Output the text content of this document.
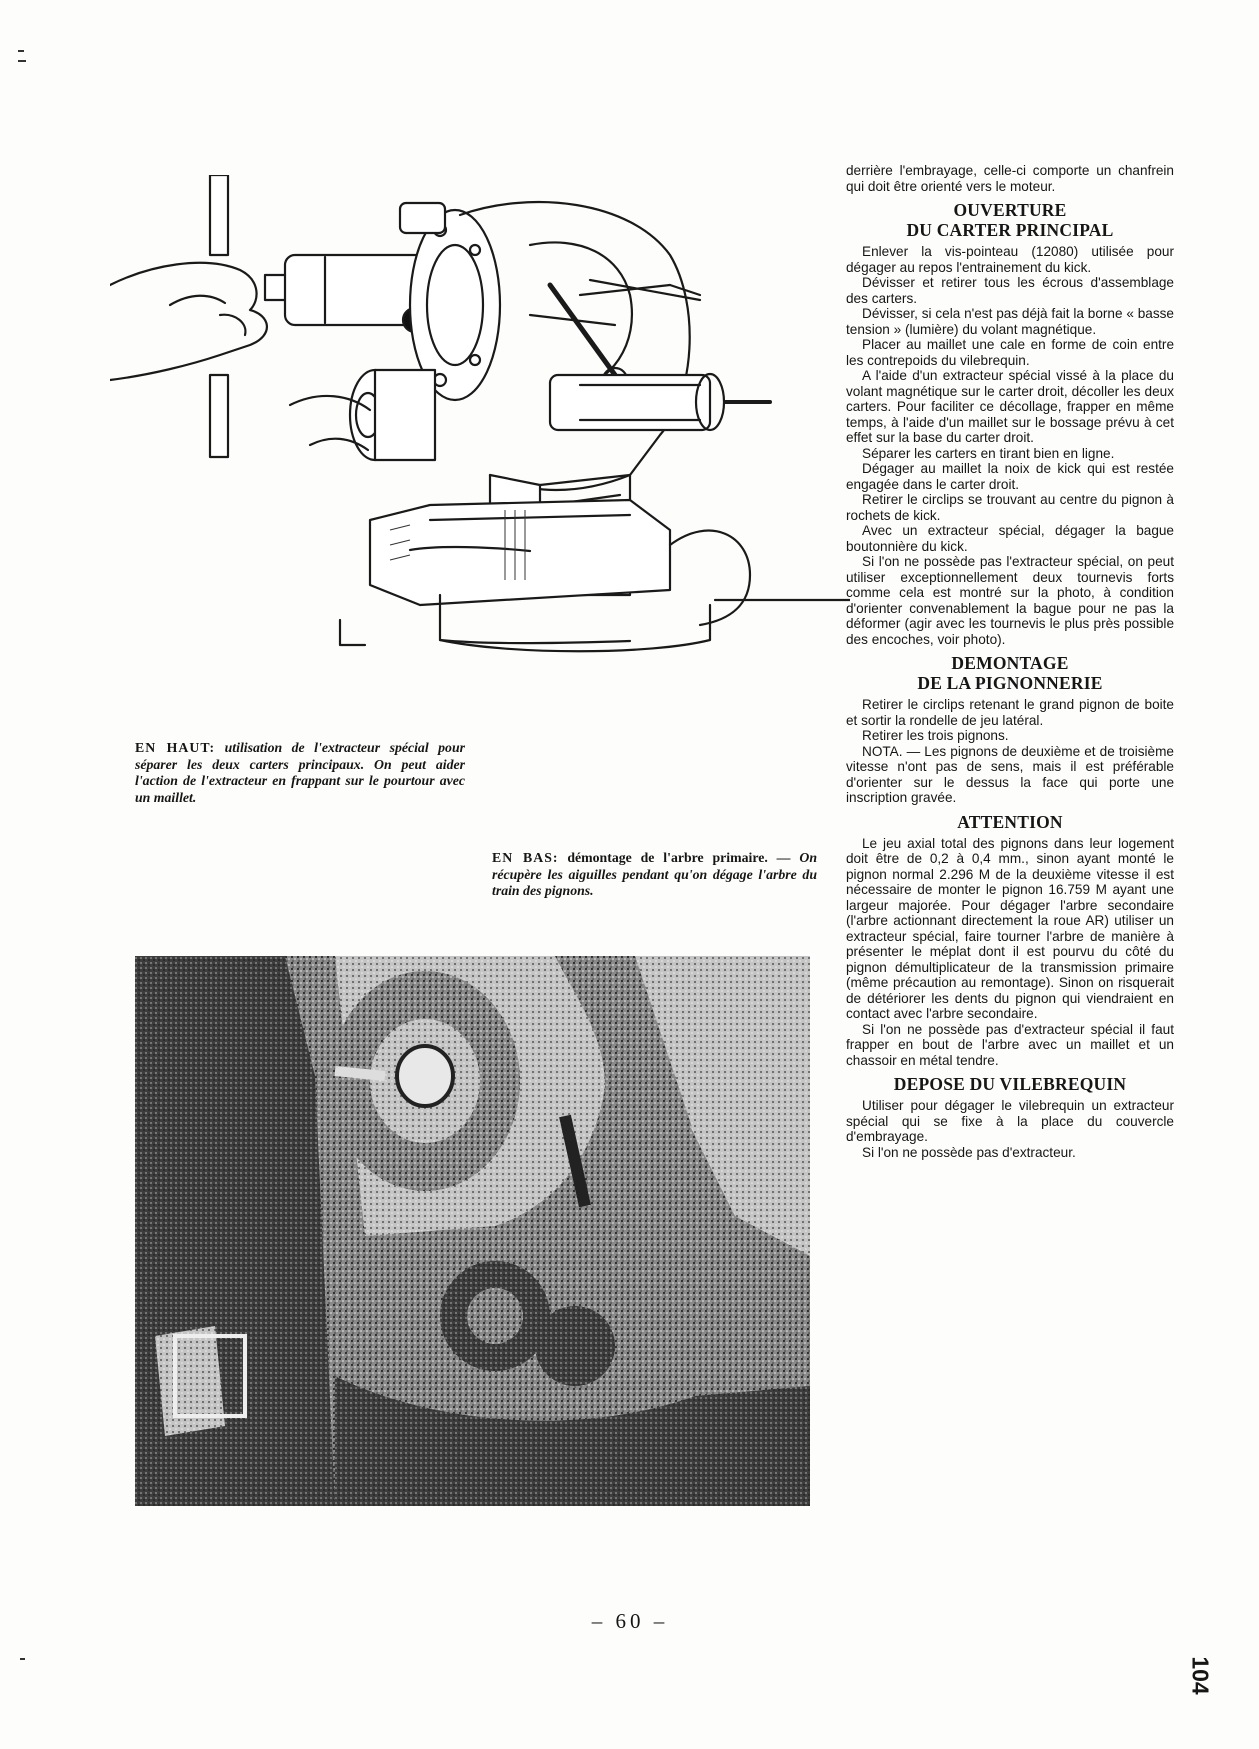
EN HAUT: utilisation de l'extracteur spécial pour séparer les deux carters principaux. On peut aider l'action de l'extracteur en frappant sur le pourtour avec un maillet.
EN BAS: démontage de l'arbre primaire. — On récupère les aiguilles pendant qu'on dégage l'arbre du train des pignons.

derrière l'embrayage, celle-ci comporte un chanfrein qui doit être orienté vers le moteur.

OUVERTURE
DU CARTER PRINCIPAL

Enlever la vis-pointeau (12080) utilisée pour dégager au repos l'entrainement du kick.

Dévisser et retirer tous les écrous d'assemblage des carters.

Dévisser, si cela n'est pas déjà fait la borne « basse tension » (lumière) du volant magnétique.

Placer au maillet une cale en forme de coin entre les contrepoids du vilebrequin.

A l'aide d'un extracteur spécial vissé à la place du volant magnétique sur le carter droit, décoller les deux carters. Pour faciliter ce décollage, frapper en même temps, à l'aide d'un maillet sur le bossage prévu à cet effet sur la base du carter droit.

Séparer les carters en tirant bien en ligne.

Dégager au maillet la noix de kick qui est restée engagée dans le carter droit.

Retirer le circlips se trouvant au centre du pignon à rochets de kick.

Avec un extracteur spécial, dégager la bague boutonnière du kick.

Si l'on ne possède pas l'extracteur spécial, on peut utiliser exceptionnellement deux tournevis forts comme cela est montré sur la photo, à condition d'orienter convenablement la bague pour ne pas la déformer (agir avec les tournevis le plus près possible des encoches, voir photo).

DEMONTAGE
DE LA PIGNONNERIE

Retirer le circlips retenant le grand pignon de boite et sortir la rondelle de jeu latéral.

Retirer les trois pignons.

NOTA. — Les pignons de deuxième et de troisième vitesse n'ont pas de sens, mais il est préférable d'orienter sur le dessus la face qui porte une inscription gravée.

ATTENTION

Le jeu axial total des pignons dans leur logement doit être de 0,2 à 0,4 mm., sinon ayant monté le pignon normal 2.296 M de la deuxième vitesse il est nécessaire de monter le pignon 16.759 M ayant une largeur majorée. Pour dégager l'arbre secondaire (l'arbre actionnant directement la roue AR) utiliser un extracteur spécial, faire tourner l'arbre de manière à présenter le méplat dont il est pourvu du côté du pignon démultiplicateur de la transmission primaire (même précaution au remontage). Sinon on risquerait de détériorer les dents du pignon qui viendraient en contact avec l'arbre secondaire.

Si l'on ne possède pas d'extracteur spécial il faut frapper en bout de l'arbre avec un maillet et un chassoir en métal tendre.

DEPOSE DU VILEBREQUIN

Utiliser pour dégager le vilebrequin un extracteur spécial qui se fixe à la place du couvercle d'embrayage.

Si l'on ne possède pas d'extracteur.

– 60 –
104
